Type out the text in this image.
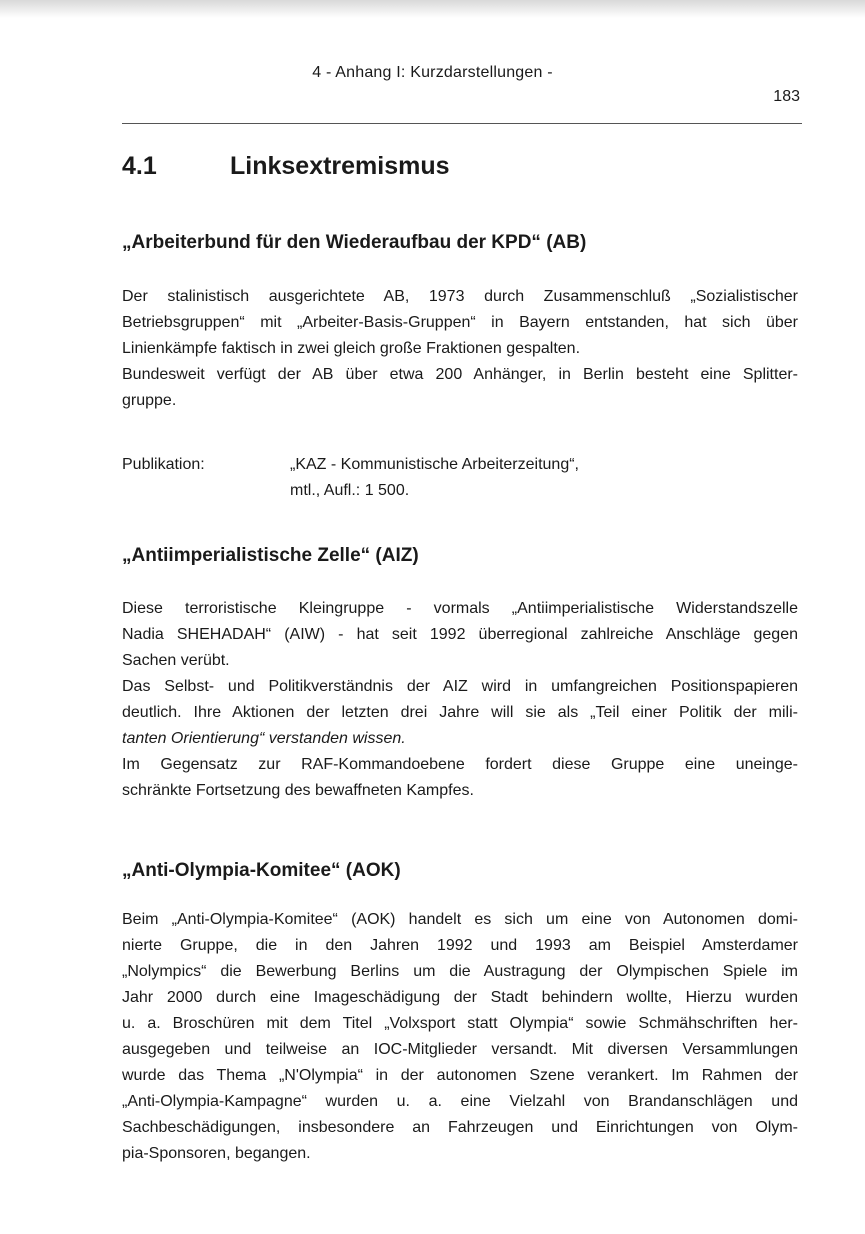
4 - Anhang I: Kurzdarstellungen -
183
4.1	Linksextremismus
„Arbeiterbund für den Wiederaufbau der KPD“ (AB)
Der stalinistisch ausgerichtete AB, 1973 durch Zusammenschluß „Sozialistischer
Betriebsgruppen“ mit „Arbeiter-Basis-Gruppen“ in Bayern entstanden, hat sich über
Linienkämpfe faktisch in zwei gleich große Fraktionen gespalten.
Bundesweit verfügt der AB über etwa 200 Anhänger, in Berlin besteht eine Splitter-
gruppe.
Publikation:	„KAZ - Kommunistische Arbeiterzeitung“,
mtl., Aufl.: 1 500.
„Antiimperialistische Zelle“ (AIZ)
Diese terroristische Kleingruppe - vormals „Antiimperialistische Widerstandszelle
Nadia SHEHADAH“ (AIW) - hat seit 1992 überregional zahlreiche Anschläge gegen
Sachen verübt.
Das Selbst- und Politikverständnis der AIZ wird in umfangreichen Positionspapieren
deutlich. Ihre Aktionen der letzten drei Jahre will sie als „Teil einer Politik der mili-
tanten Orientierung“ verstanden wissen.
Im Gegensatz zur RAF-Kommandoebene fordert diese Gruppe eine uneinge-
schränkte Fortsetzung des bewaffneten Kampfes.
„Anti-Olympia-Komitee“ (AOK)
Beim „Anti-Olympia-Komitee“ (AOK) handelt es sich um eine von Autonomen domi-
nierte Gruppe, die in den Jahren 1992 und 1993 am Beispiel Amsterdamer
„Nolympics“ die Bewerbung Berlins um die Austragung der Olympischen Spiele im
Jahr 2000 durch eine Imageschädigung der Stadt behindern wollte, Hierzu wurden
u. a. Broschüren mit dem Titel „Volxsport statt Olympia“ sowie Schmähschriften her-
ausgegeben und teilweise an IOC-Mitglieder versandt. Mit diversen Versammlungen
wurde das Thema „N'Olympia“ in der autonomen Szene verankert. Im Rahmen der
„Anti-Olympia-Kampagne“ wurden u. a. eine Vielzahl von Brandanschlägen und
Sachbeschädigungen, insbesondere an Fahrzeugen und Einrichtungen von Olym-
pia-Sponsoren, begangen.
